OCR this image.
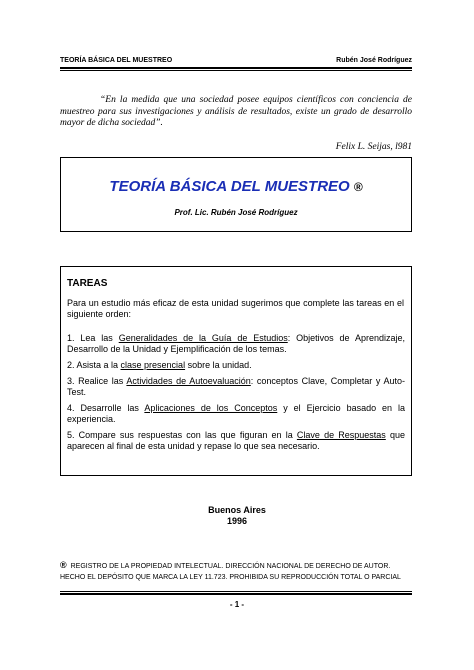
TEORÍA BÁSICA DEL MUESTREO	Rubén José Rodríguez

“En la medida que una sociedad posee equipos científicos con conciencia de muestreo para sus investigaciones y análisis de resultados, existe un grado de desarrollo mayor de dicha sociedad”.

Felix L. Seijas, l981
TEORÍA BÁSICA DEL MUESTREO ®
Prof. Lic. Rubén José Rodríguez
TAREAS
Para un estudio más eficaz de esta unidad sugerimos que complete las tareas en el siguiente orden:
1. Lea las Generalidades de la Guía de Estudios: Objetivos de Aprendizaje, Desarrollo de la Unidad y Ejemplificación de los temas.
2. Asista a la clase presencial sobre la unidad.
3. Realice las Actividades de Autoevaluación: conceptos Clave, Completar y Auto-Test.
4. Desarrolle las Aplicaciones de los Conceptos y el Ejercicio basado en la experiencia.
5. Compare sus respuestas con las que figuran en la Clave de Respuestas que aparecen al final de esta unidad y repase lo que sea necesario.
Buenos Aires
1996
® REGISTRO DE LA PROPIEDAD INTELECTUAL. DIRECCIÓN NACIONAL DE DERECHO DE AUTOR. HECHO EL DEPÓSITO QUE MARCA LA LEY 11.723. PROHIBIDA SU REPRODUCCIÓN TOTAL O PARCIAL
- 1 -
